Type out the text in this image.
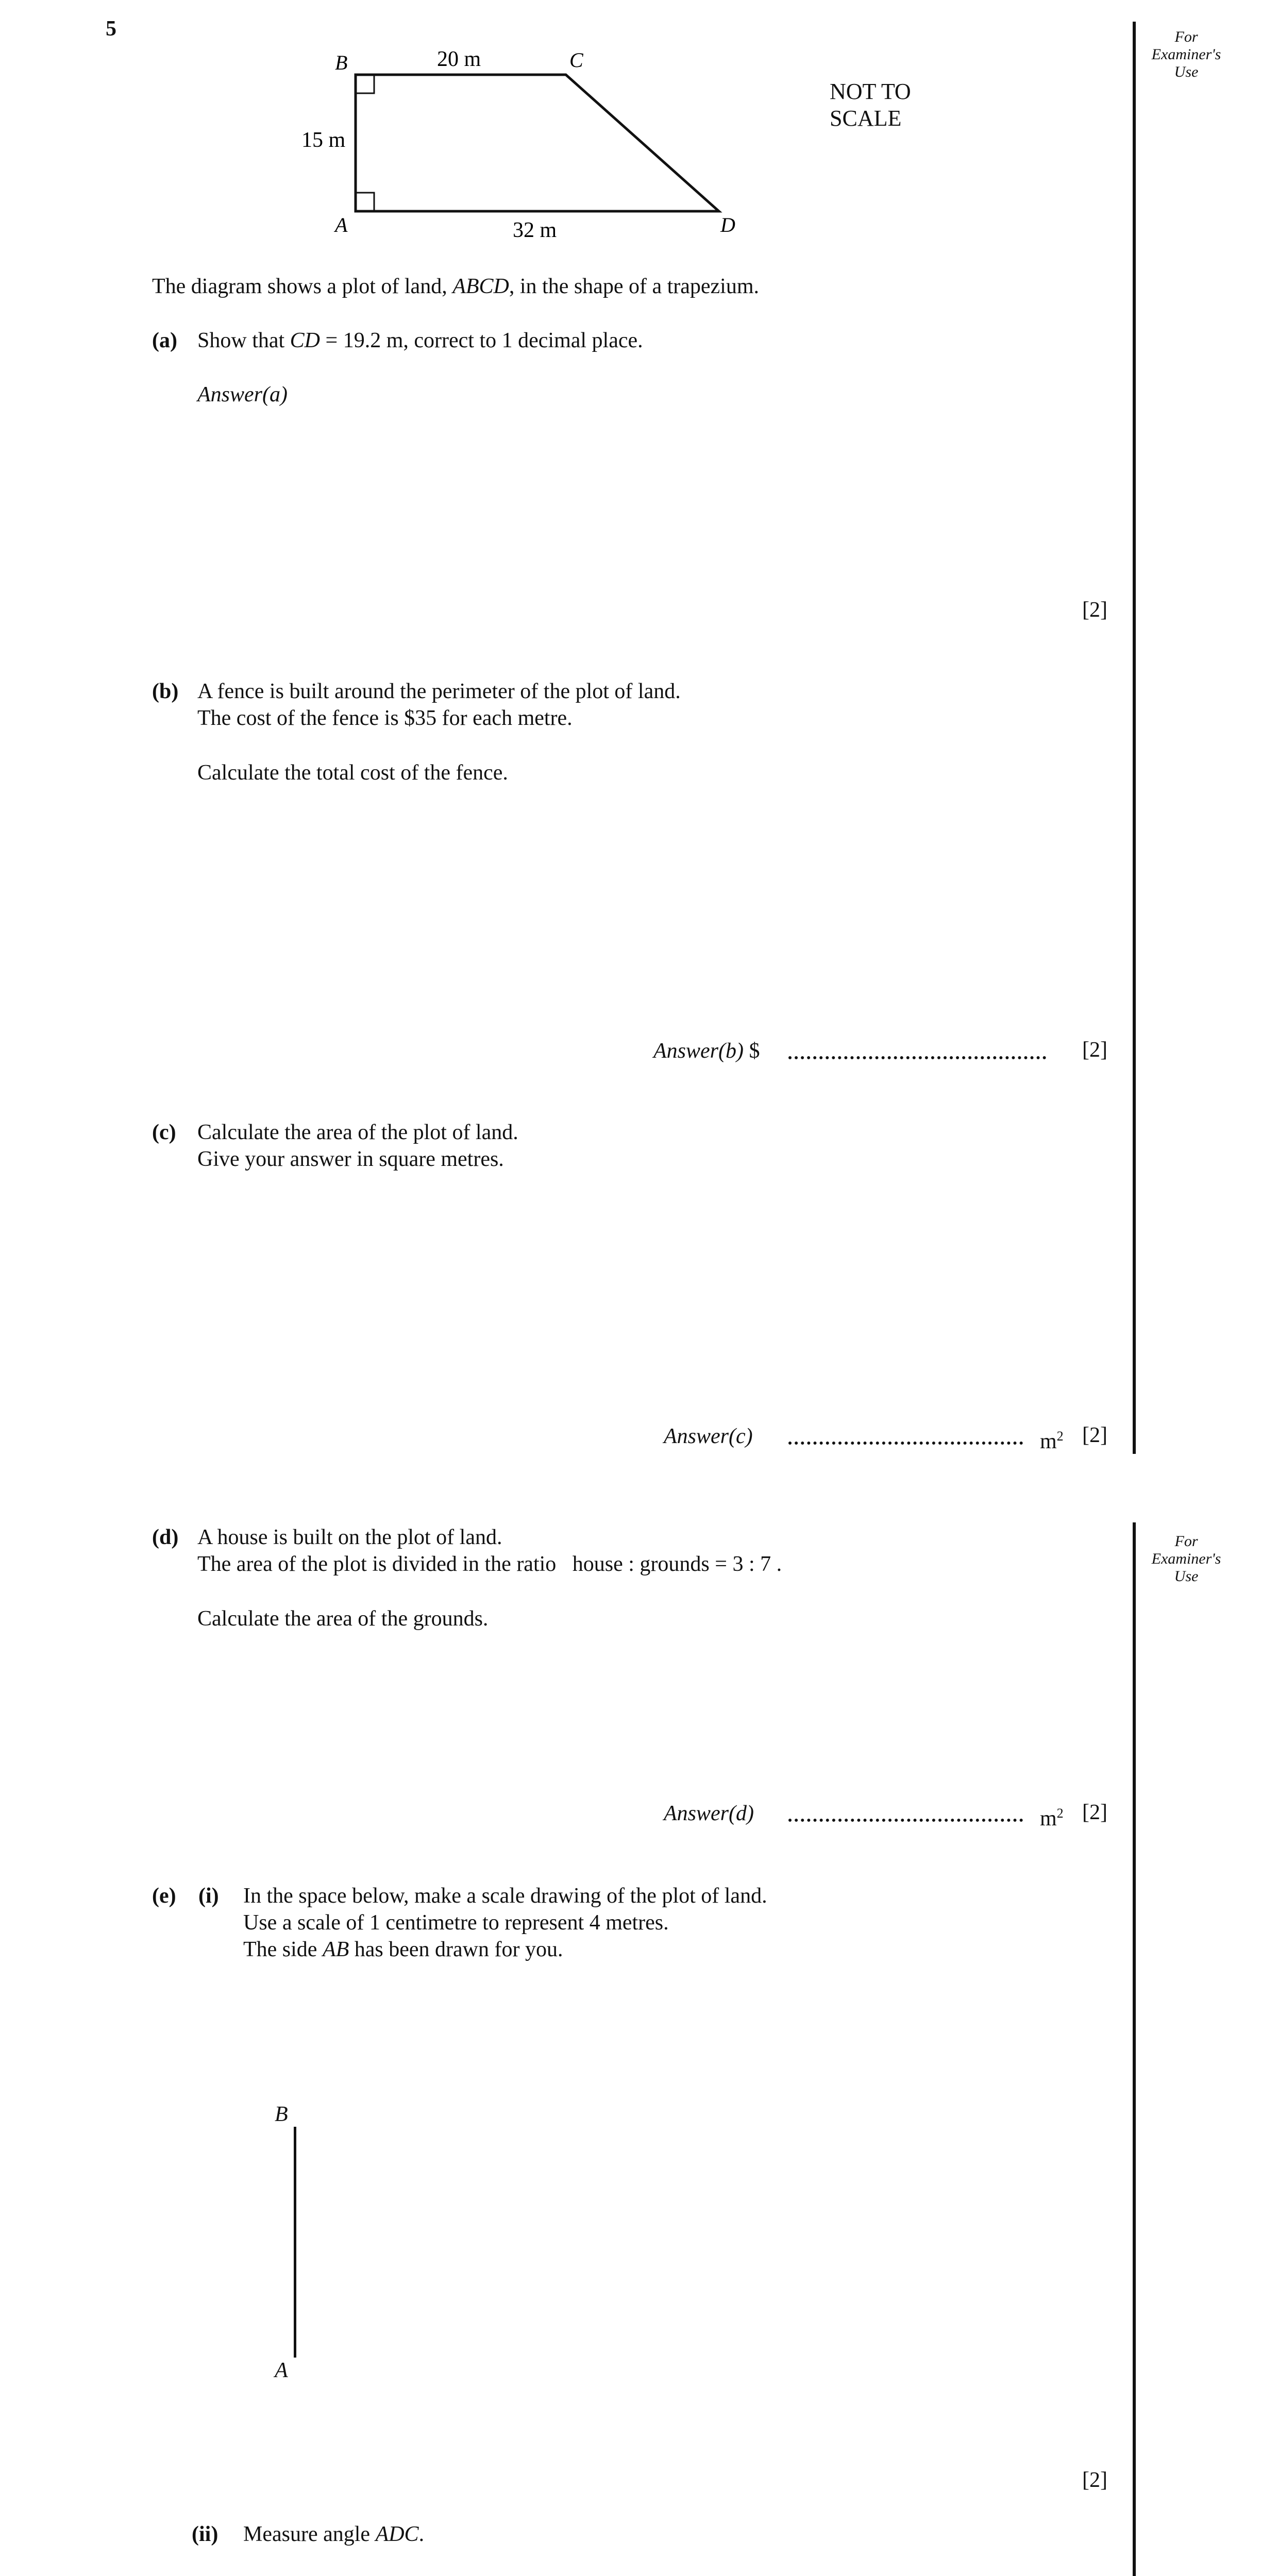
5	For
Examiner's
Use
For
Examiner's
Use
B	C
A	D
20 m
15 m
32 m
NOT TO
SCALE
The diagram shows a plot of land, ABCD, in the shape of a trapezium.
(a) Show that CD = 19.2 m, correct to 1 decimal place.
Answer(a)
[2]
(b) A fence is built around the perimeter of the plot of land.
The cost of the fence is $35 for each metre.
Calculate the total cost of the fence.
Answer(b) $	[2]
(c) Calculate the area of the plot of land.
Give your answer in square metres.
Answer(c)	$m^2$ [2]
(d) A house is built on the plot of land.
The area of the plot is divided in the ratio   house : grounds = 3 : 7 .
Calculate the area of the grounds.
Answer(d)	$m^2$ [2]
(e) (i) In the space below, make a scale drawing of the plot of land.
Use a scale of 1 centimetre to represent 4 metres.
The side AB has been drawn for you.
B
A
[2]
(ii) Measure angle ADC.
